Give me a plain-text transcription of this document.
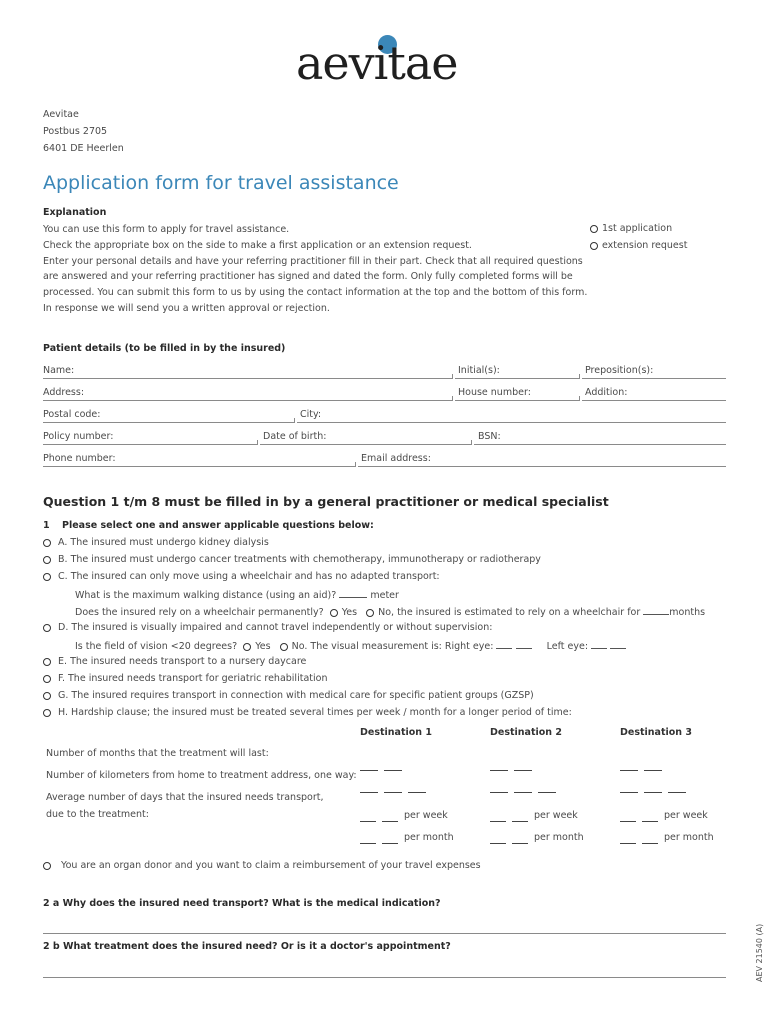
aevitae
Aevitae
Postbus 2705
6401 DE Heerlen
Application form for travel assistance
Explanation
You can use this form to apply for travel assistance.
Check the appropriate box on the side to make a first application or an extension request.
Enter your personal details and have your referring practitioner fill in their part. Check that all required questions
are answered and your referring practitioner has signed and dated the form. Only fully completed forms will be
processed. You can submit this form to us by using the contact information at the top and the bottom of this form.
In response we will send you a written approval or rejection.
1st application
extension request
Patient details (to be filled in by the insured)
Name:	Initial(s):	Preposition(s):
Address:	House number:	Addition:
Postal code:	City:
Policy number:	Date of birth:	BSN:
Phone number:	Email address:
Question 1 t/m 8 must be filled in by a general practitioner or medical specialist
1 Please select one and answer applicable questions below:
A. The insured must undergo kidney dialysis
B. The insured must undergo cancer treatments with chemotherapy, immunotherapy or radiotherapy
C. The insured can only move using a wheelchair and has no adapted transport:
What is the maximum walking distance (using an aid)?	meter
Does the insured rely on a wheelchair permanently? Yes No, the insured is estimated to rely on a wheelchair for	months
D. The insured is visually impaired and cannot travel independently or without supervision:
Is the field of vision <20 degrees? Yes No. The visual measurement is: Right eye:	Left eye:
E. The insured needs transport to a nursery daycare
F. The insured needs transport for geriatric rehabilitation
G. The insured requires transport in connection with medical care for specific patient groups (GZSP)
H. Hardship clause; the insured must be treated several times per week / month for a longer period of time:
Destination 1	Destination 2	Destination 3
Number of months that the treatment will last:
Number of kilometers from home to treatment address, one way:
Average number of days that the insured needs transport,
due to the treatment:	per week	per week	per week
per month	per month	per month
You are an organ donor and you want to claim a reimbursement of your travel expenses
2 a Why does the insured need transport? What is the medical indication?
2 b What treatment does the insured need? Or is it a doctor's appointment?	AEV 21540 (A)
